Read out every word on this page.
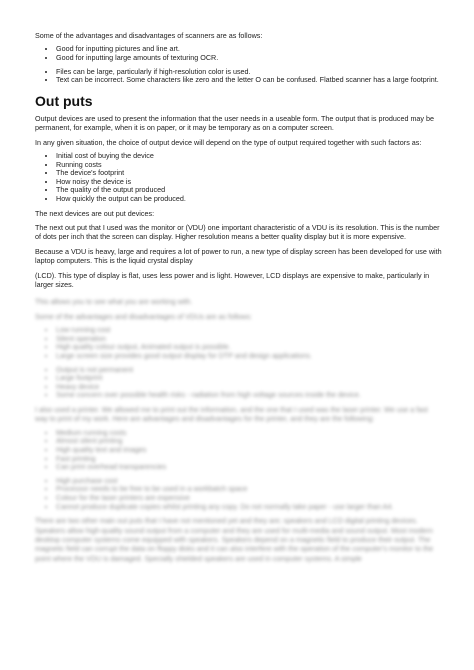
Some of the advantages and disadvantages of scanners are as follows:

• Good for inputting pictures and line art.
• Good for inputting large amounts of texturing OCR.
• Files can be large, particularly if high-resolution color is used.
• Text can be incorrect. Some characters like zero and the letter O can be confused. Flatbed scanner has a large footprint.
Out puts

Output devices are used to present the information that the user needs in a useable form. The output that is produced may be permanent, for example, when it is on paper, or it may be temporary as on a computer screen.

In any given situation, the choice of output device will depend on the type of output required together with such factors as:

• Initial cost of buying the device
• Running costs
• The device's footprint
• How noisy the device is
• The quality of the output produced
• How quickly the output can be produced.

The next devices are out put devices:

The next out put that I used was the monitor or (VDU) one important characteristic of a VDU is its resolution. This is the number of dots per inch that the screen can display. Higher resolution means a better quality display but it is more expensive.

Because a VDU is heavy, large and requires a lot of power to run, a new type of display screen has been developed for use with laptop computers. This is the liquid crystal display

(LCD). This type of display is flat, uses less power and is light. However, LCD displays are expensive to make, particularly in larger sizes.

This allows you to see what you are working with.

Some of the advantages and disadvantages of VDUs are as follows:

• Low running cost
• Silent operation
• High quality colour output, Animated output is possible.
• Large screen size provides good output display for DTP and design applications.
• Output is not permanent
• Large footprint
• Heavy device
• Some concern over possible health risks - radiation from high voltage sources inside the device.

I also used a printer. We allowed me to print out the information, and the one that I used was the laser printer. We use a fast way to print of my work. Here are advantages and disadvantages for the printer, and they are the following:

• Medium running costs
• Almost silent printing
• High quality text and images
• Fast printing
• Can print overhead transparencies
• High purchase cost
• Processor needs to be free to be used in a workbatch space
• Colour for the laser printers are expensive
• Cannot produce duplicate copies whilst printing any copy. Do not normally take paper - use larger than A4.

There are two other main out puts that I have not mentioned yet and they are; speakers and LCD digital printing devices. Speakers allow high-quality sound output from a computer and they are used for multi-media and sound output. Most modern desktop computer systems come equipped with speakers. Speakers depend on a magnetic field to produce their output. The magnetic field can corrupt the data on floppy disks and it can also interfere with the operation of the computer's monitor to the point where the VDU is damaged. Specially shielded speakers are used in computer systems. A simple
